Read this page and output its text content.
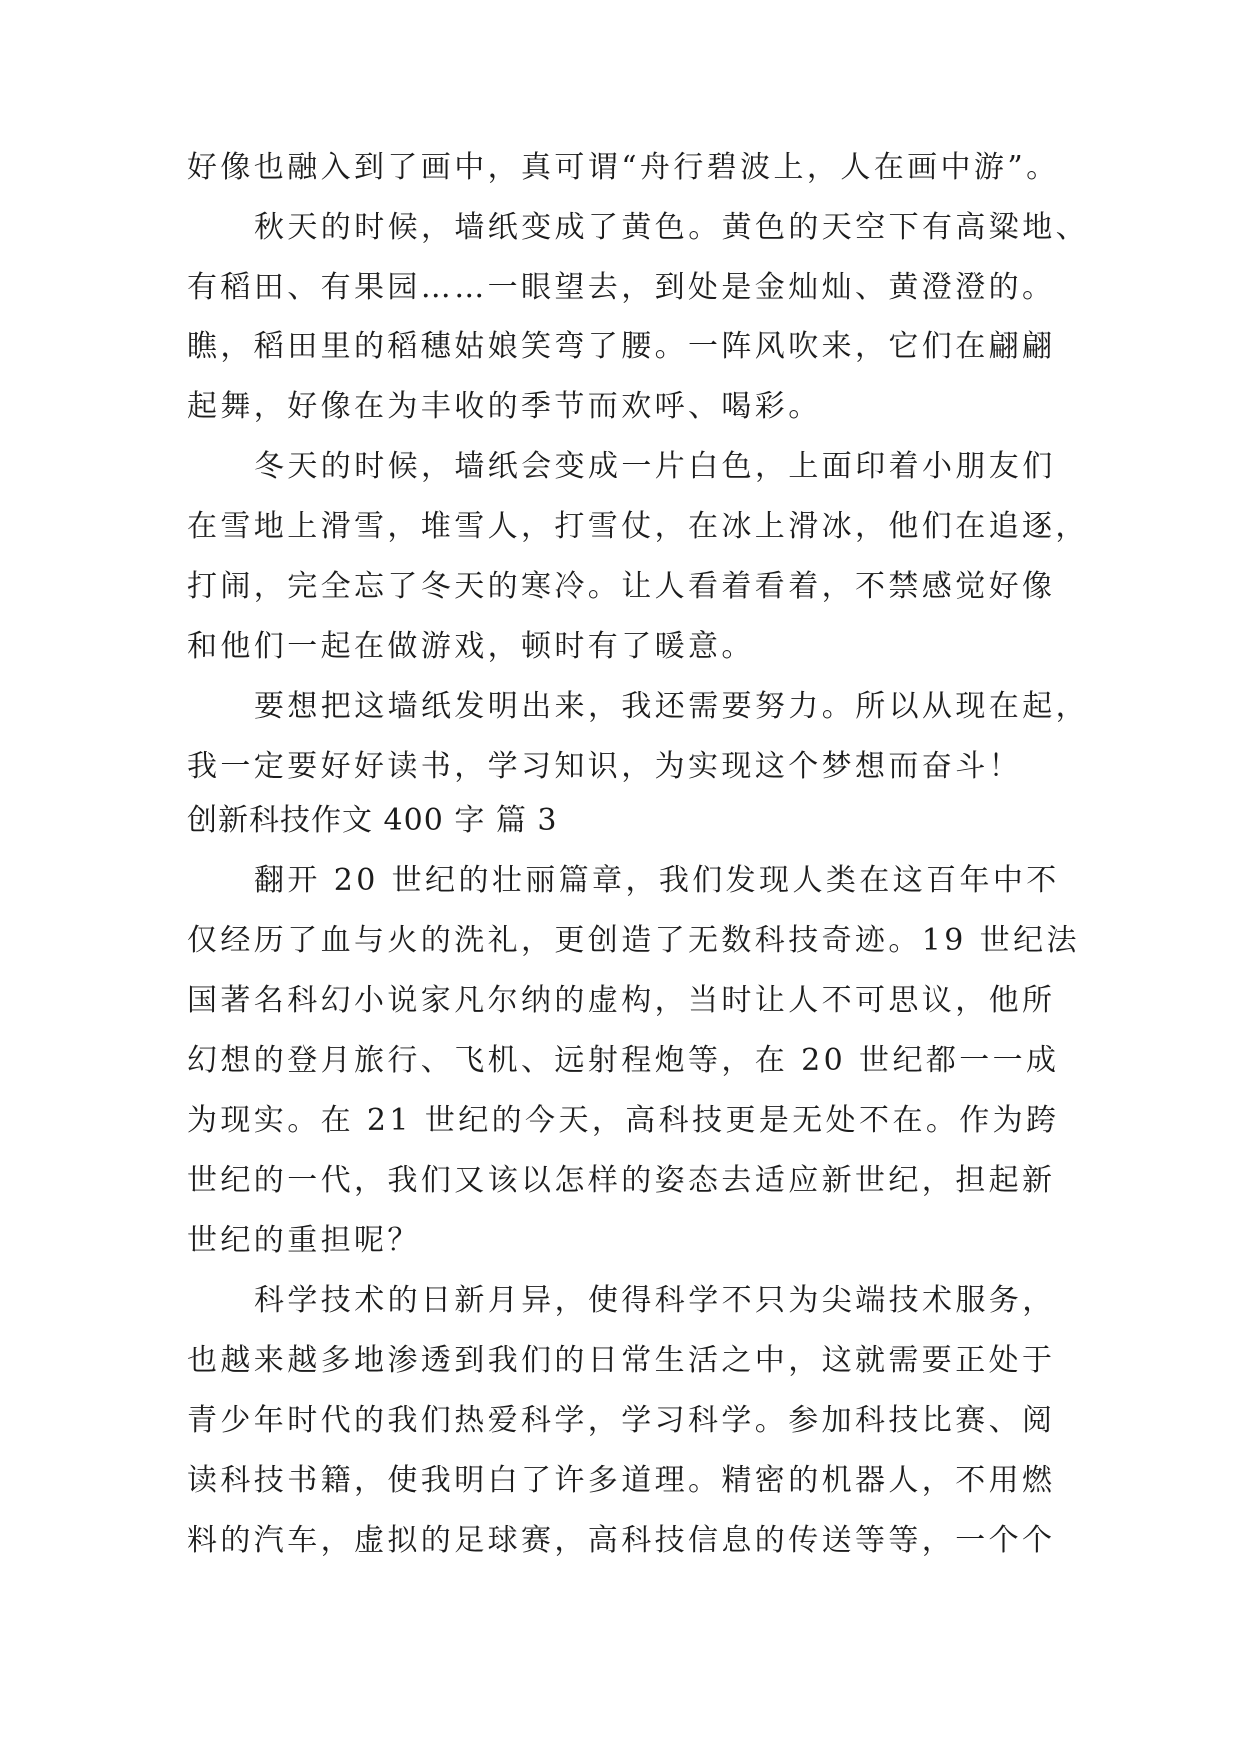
好像也融入到了画中，真可谓“舟行碧波上，人在画中游”。
秋天的时候，墙纸变成了黄色。黄色的天空下有高粱地、
有稻田、有果园……一眼望去，到处是金灿灿、黄澄澄的。
瞧，稻田里的稻穗姑娘笑弯了腰。一阵风吹来，它们在翩翩
起舞，好像在为丰收的季节而欢呼、喝彩。
冬天的时候，墙纸会变成一片白色，上面印着小朋友们
在雪地上滑雪，堆雪人，打雪仗，在冰上滑冰，他们在追逐，
打闹，完全忘了冬天的寒冷。让人看着看着，不禁感觉好像
和他们一起在做游戏，顿时有了暖意。
要想把这墙纸发明出来，我还需要努力。所以从现在起，
我一定要好好读书，学习知识，为实现这个梦想而奋斗！
创新科技作文 400 字 篇 3
翻开 20 世纪的壮丽篇章，我们发现人类在这百年中不
仅经历了血与火的洗礼，更创造了无数科技奇迹。19 世纪法
国著名科幻小说家凡尔纳的虚构，当时让人不可思议，他所
幻想的登月旅行、飞机、远射程炮等，在 20 世纪都一一成
为现实。在 21 世纪的今天，高科技更是无处不在。作为跨
世纪的一代，我们又该以怎样的姿态去适应新世纪，担起新
世纪的重担呢？
科学技术的日新月异，使得科学不只为尖端技术服务，
也越来越多地渗透到我们的日常生活之中，这就需要正处于
青少年时代的我们热爱科学，学习科学。参加科技比赛、阅
读科技书籍，使我明白了许多道理。精密的机器人，不用燃
料的汽车，虚拟的足球赛，高科技信息的传送等等，一个个
